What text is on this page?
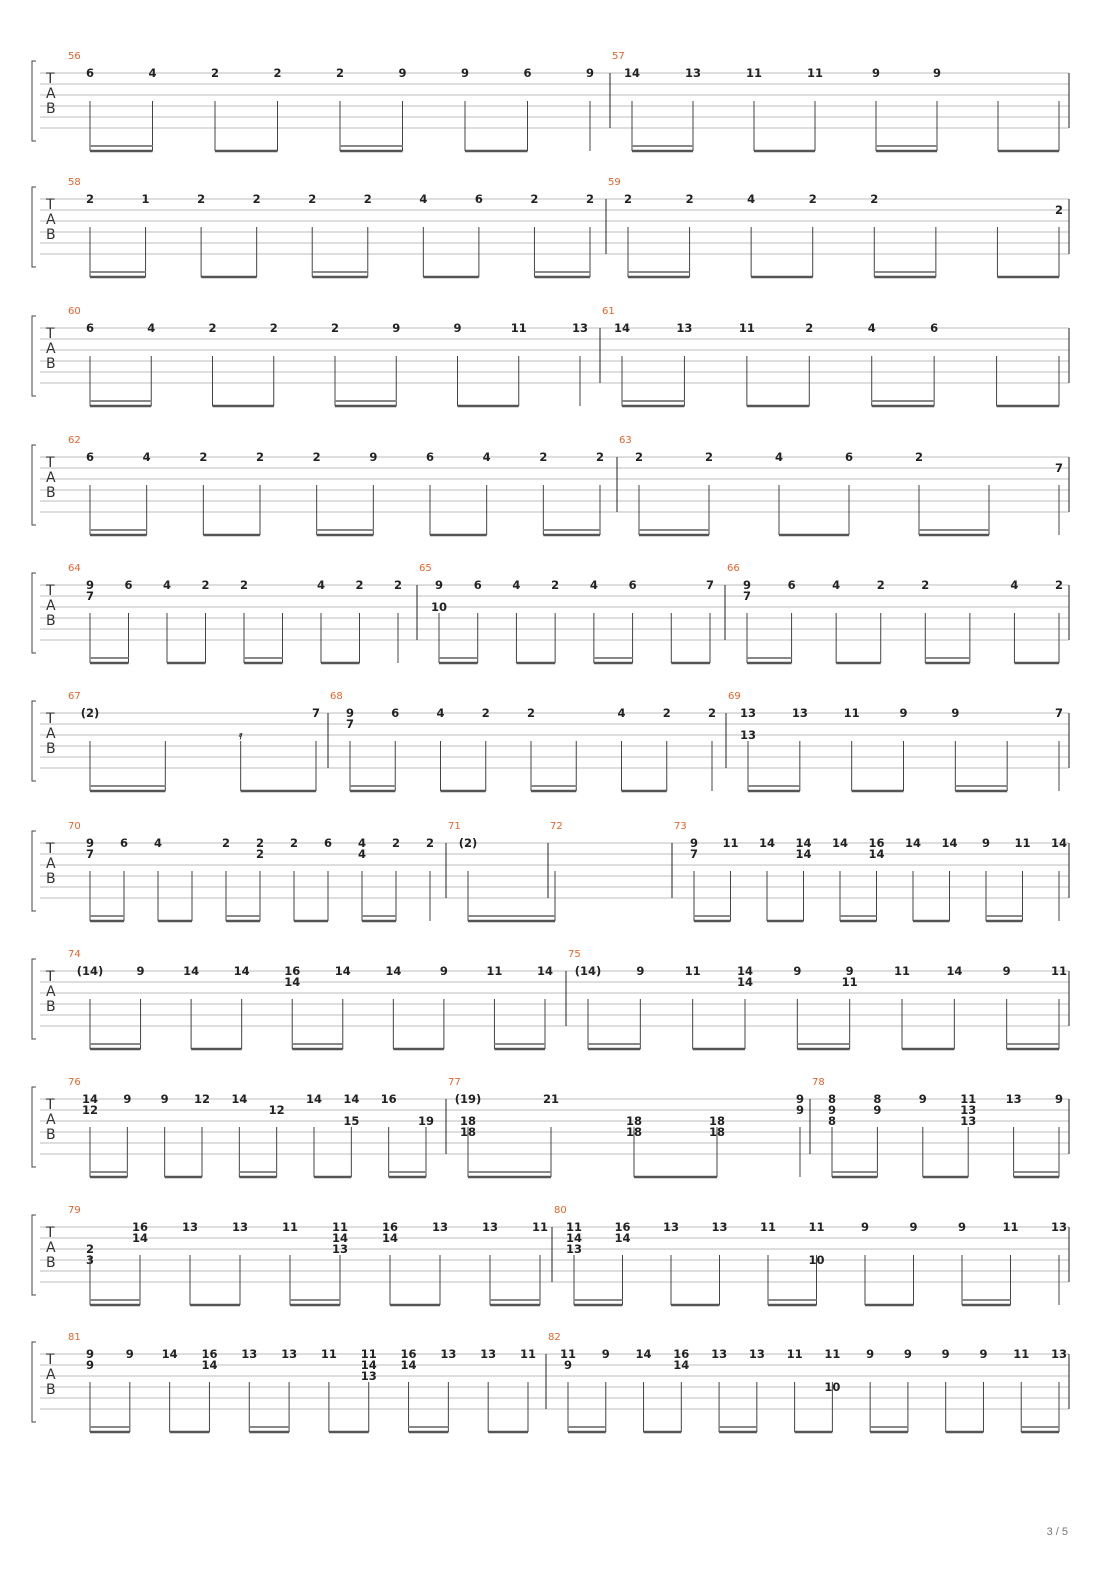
T
A
B
56
6	4	2	2	2	9	9	6	9
57
14	13	11	11	9	9
T
A
B
58
2	1	2	2	2	2	4	6	2	2
59
2	2	4	2	2
2
T
A
B
60
6	4	2	2	2	9	9	11	13
61
14	13	11	2	4	6
T
A
B
62
6	4	2	2	2	9	6	4	2	2
63
2	2	4	6	2
7
T
A
B
64
9
7
6	4	2	2	4	2	2
65
9
10
6	4	2	4	6	7
66
9
7
6	4	2	2	4	2
T
A
B
67
(2)
𝄿
7
68
9
7
6	4	2	2	4	2	2
69
13
13
13	11	9	9	7
T
A
B
70
9
7
6 4	2 2
2
2 6 4
4
2 2
71
(2)
72	73
9
7
11 14 14
14
14 16
14
14 14 9 11 14
T
A
B
74
(14)	9	14	14	16
14
14	14	9	11	14
75
(14)	9	11	14
14
9	9
11
11	14	9	11
T
A
B
76
14
12
9	9 12 14
12
14 14
15
16
19
77
(19)
18
18
21
18
18
18
18
9
9
78
8
9
8
8
9
9	11
13
13
13	9
T
A
B
79
2
3
16
14
13	13	11	11
14
13
16
14
13	13	11
80
11
14
13
16
14
13	13	11	11
10
9	9	9	11	13
T
A
B
81
9
9
9 14 16
14
13 13 11 11
14
13
16
14
13 13 11
82
11
9
9 14 16
14
13 13 11 11
10
9	9	9	9 11 13
3 / 5
